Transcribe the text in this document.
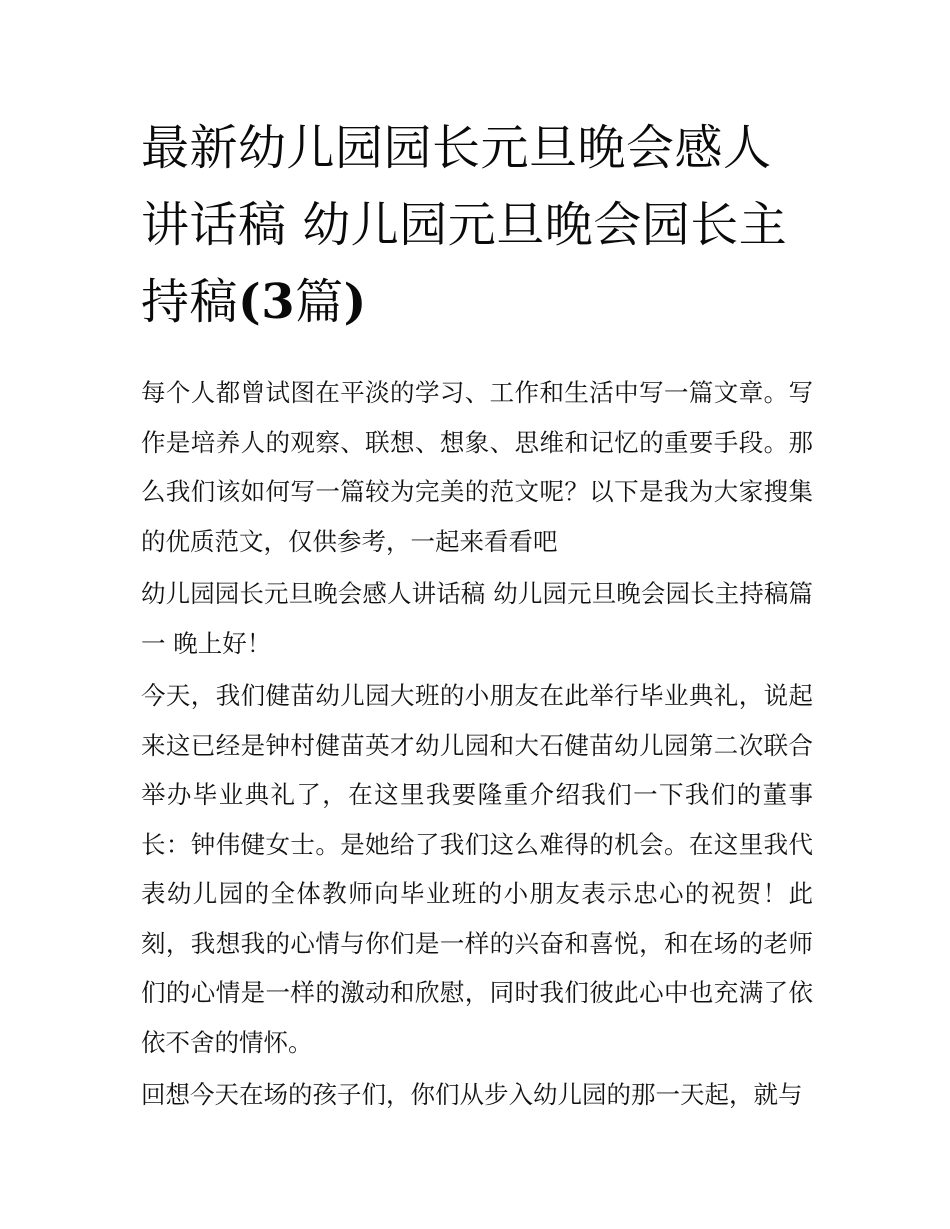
最新幼儿园园长元旦晚会感人
讲话稿 幼儿园元旦晚会园长主
持稿(3篇)

每个人都曾试图在平淡的学习、工作和生活中写一篇文章。写作是培养人的观察、联想、想象、思维和记忆的重要手段。那么我们该如何写一篇较为完美的范文呢？以下是我为大家搜集的优质范文，仅供参考，一起来看看吧

幼儿园园长元旦晚会感人讲话稿 幼儿园元旦晚会园长主持稿篇一 晚上好！

今天，我们健苗幼儿园大班的小朋友在此举行毕业典礼，说起来这已经是钟村健苗英才幼儿园和大石健苗幼儿园第二次联合举办毕业典礼了，在这里我要隆重介绍我们一下我们的董事长：钟伟健女士。是她给了我们这么难得的机会。在这里我代表幼儿园的全体教师向毕业班的小朋友表示忠心的祝贺！此刻，我想我的心情与你们是一样的兴奋和喜悦，和在场的老师们的心情是一样的激动和欣慰，同时我们彼此心中也充满了依依不舍的情怀。

回想今天在场的孩子们，你们从步入幼儿园的那一天起，就与
